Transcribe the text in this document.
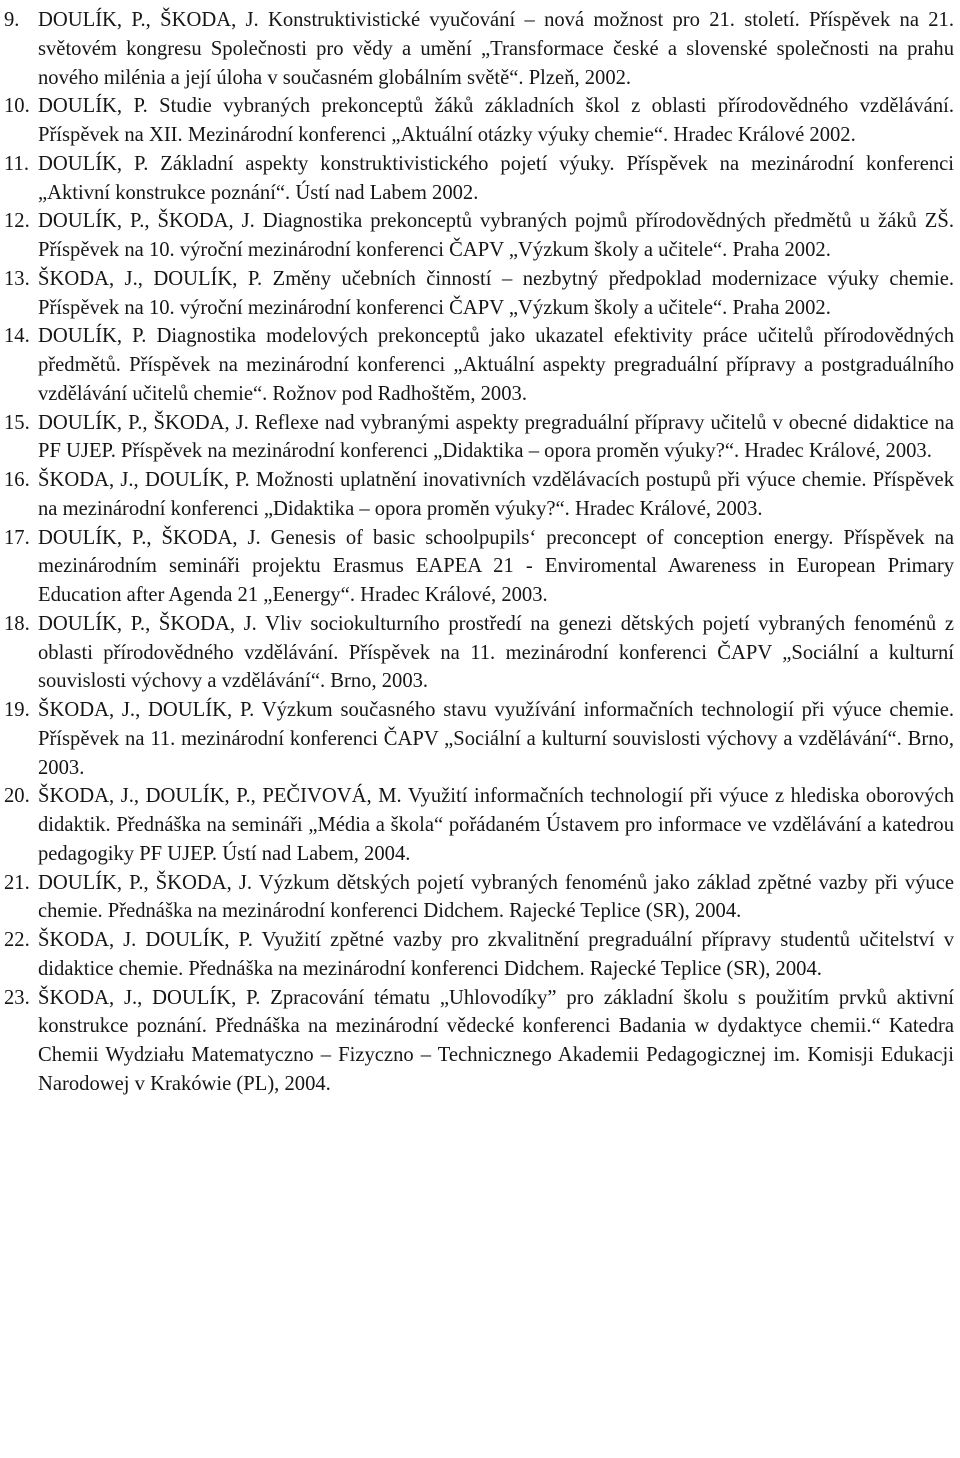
9. DOULÍK, P., ŠKODA, J. Konstruktivistické vyučování – nová možnost pro 21. století. Příspěvek na 21. světovém kongresu Společnosti pro vědy a umění „Transformace české a slovenské společnosti na prahu nového milénia a její úloha v současném globálním světě“. Plzeň, 2002.
10. DOULÍK, P. Studie vybraných prekonceptů žáků základních škol z oblasti přírodovědného vzdělávání. Příspěvek na XII. Mezinárodní konferenci „Aktuální otázky výuky chemie“. Hradec Králové 2002.
11. DOULÍK, P. Základní aspekty konstruktivistického pojetí výuky. Příspěvek na mezinárodní konferenci „Aktivní konstrukce poznání“. Ústí nad Labem 2002.
12. DOULÍK, P., ŠKODA, J. Diagnostika prekonceptů vybraných pojmů přírodovědných předmětů u žáků ZŠ. Příspěvek na 10. výroční mezinárodní konferenci ČAPV „Výzkum školy a učitele“. Praha 2002.
13. ŠKODA, J., DOULÍK, P. Změny učebních činností – nezbytný předpoklad modernizace výuky chemie. Příspěvek na 10. výroční mezinárodní konferenci ČAPV „Výzkum školy a učitele“. Praha 2002.
14. DOULÍK, P. Diagnostika modelových prekonceptů jako ukazatel efektivity práce učitelů přírodovědných předmětů. Příspěvek na mezinárodní konferenci „Aktuální aspekty pregraduální přípravy a postgraduálního vzdělávání učitelů chemie“. Rožnov pod Radhoštěm, 2003.
15. DOULÍK, P., ŠKODA, J. Reflexe nad vybranými aspekty pregraduální přípravy učitelů v obecné didaktice na PF UJEP. Příspěvek na mezinárodní konferenci „Didaktika – opora proměn výuky?“. Hradec Králové, 2003.
16. ŠKODA, J., DOULÍK, P. Možnosti uplatnění inovativních vzdělávacích postupů při výuce chemie. Příspěvek na mezinárodní konferenci „Didaktika – opora proměn výuky?“. Hradec Králové, 2003.
17. DOULÍK, P., ŠKODA, J. Genesis of basic schoolpupils‘ preconcept of conception energy. Příspěvek na mezinárodním semináři projektu Erasmus EAPEA 21 - Enviromental Awareness in European Primary Education after Agenda 21 „Eenergy“. Hradec Králové, 2003.
18. DOULÍK, P., ŠKODA, J. Vliv sociokulturního prostředí na genezi dětských pojetí vybraných fenoménů z oblasti přírodovědného vzdělávání. Příspěvek na 11. mezinárodní konferenci ČAPV „Sociální a kulturní souvislosti výchovy a vzdělávání“. Brno, 2003.
19. ŠKODA, J., DOULÍK, P. Výzkum současného stavu využívání informačních technologií při výuce chemie. Příspěvek na 11. mezinárodní konferenci ČAPV „Sociální a kulturní souvislosti výchovy a vzdělávání“. Brno, 2003.
20. ŠKODA, J., DOULÍK, P., PEČIVOVÁ, M. Využití informačních technologií při výuce z hlediska oborových didaktik. Přednáška na semináři „Média a škola“ pořádaném Ústavem pro informace ve vzdělávání a katedrou pedagogiky PF UJEP. Ústí nad Labem, 2004.
21. DOULÍK, P., ŠKODA, J. Výzkum dětských pojetí vybraných fenoménů jako základ zpětné vazby při výuce chemie. Přednáška na mezinárodní konferenci Didchem. Rajecké Teplice (SR), 2004.
22. ŠKODA, J. DOULÍK, P. Využití zpětné vazby pro zkvalitnění pregraduální přípravy studentů učitelství v didaktice chemie. Přednáška na mezinárodní konferenci Didchem. Rajecké Teplice (SR), 2004.
23. ŠKODA, J., DOULÍK, P. Zpracování tématu „Uhlovodíky” pro základní školu s použitím prvků aktivní konstrukce poznání. Přednáška na mezinárodní vědecké konferenci Badania w dydaktyce chemii.“ Katedra Chemii Wydziału Matematyczno – Fizyczno – Technicznego Akademii Pedagogicznej im. Komisji Edukacji Narodowej v Krakówie (PL), 2004.
